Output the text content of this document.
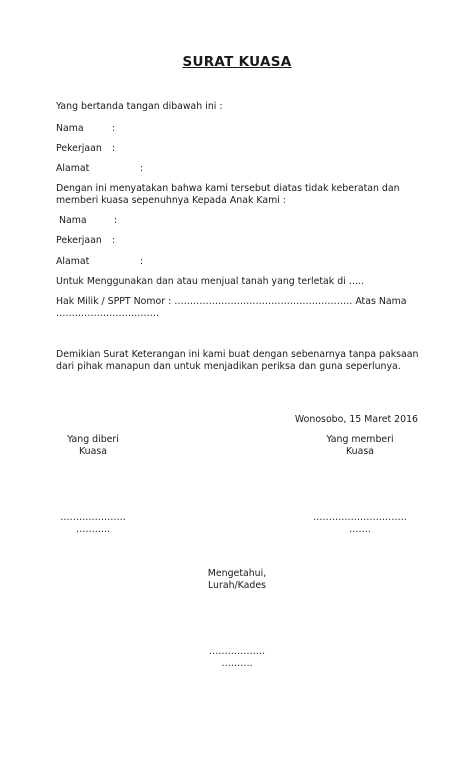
SURAT KUASA
Yang bertanda tangan dibawah ini :
Nama	:
Pekerjaan :
Alamat	:
Dengan ini menyatakan bahwa kami tersebut diatas tidak keberatan dan memberi kuasa sepenuhnya Kepada Anak Kami :
Nama	:
Pekerjaan :
Alamat	:
Untuk Menggunakan dan atau menjual tanah yang terletak di …..
Hak Milik / SPPT Nomor : ………………………………………………… Atas Nama
……………………………
Demikian Surat Keterangan ini kami buat dengan sebenarnya tanpa paksaan dari pihak manapun dan untuk menjadikan periksa dan guna seperlunya.
Wonosobo, 15 Maret 2016
Yang diberi
Kuasa
…………………
………..
Yang memberi
Kuasa
…………………………
…….
Mengetahui,
Lurah/Kades
………………
……….
